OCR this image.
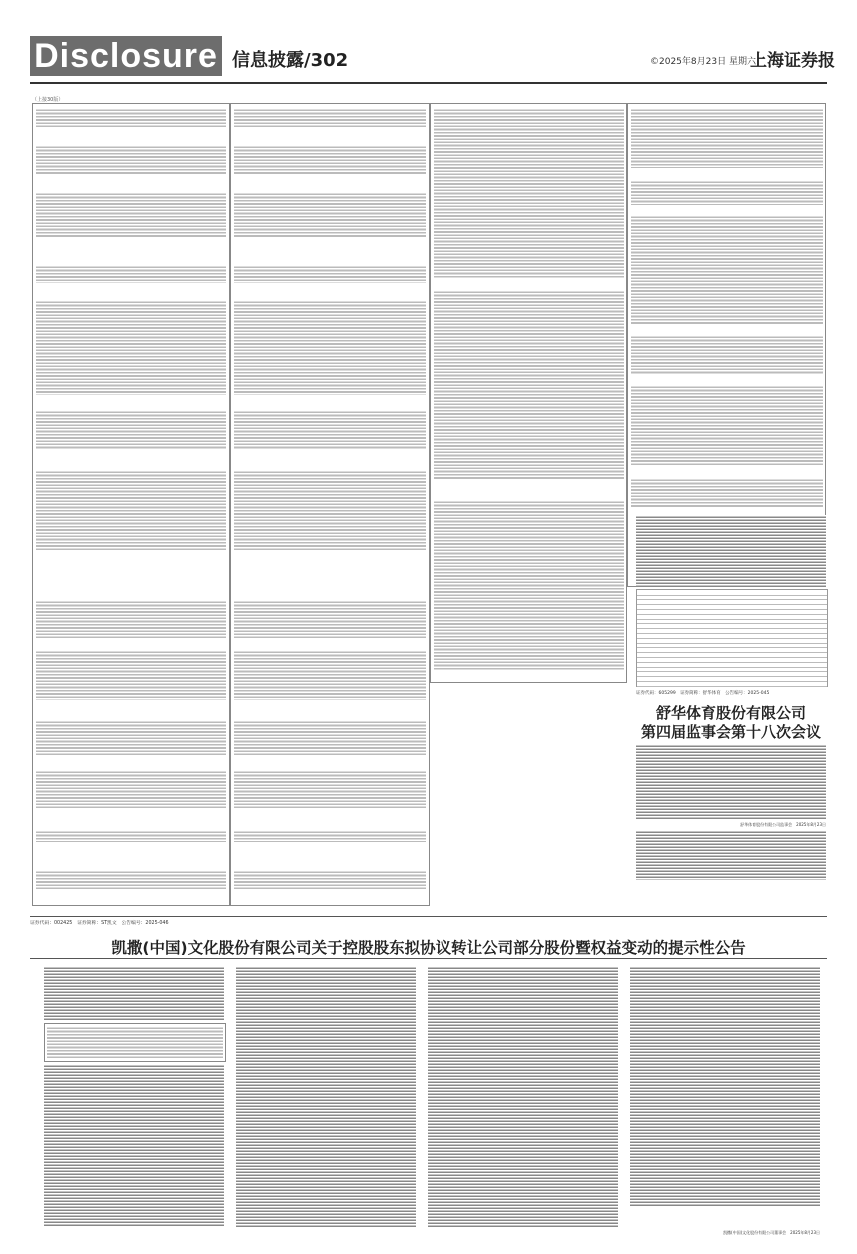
Disclosure 信息披露/302	©2025年8月23日 星期六
上海证券报
（上接30版）
证券代码：605299　证券简称：舒华体育　公告编号：2025-045
舒华体育股份有限公司
第四届监事会第十八次会议
舒华体育股份有限公司监事会　2025年8月23日
证券代码：002425　证券简称：ST凯文　公告编号：2025-046
凯撒(中国)文化股份有限公司关于控股股东拟协议转让公司部分股份暨权益变动的提示性公告
凯撒(中国)文化股份有限公司董事会　2025年8月23日
